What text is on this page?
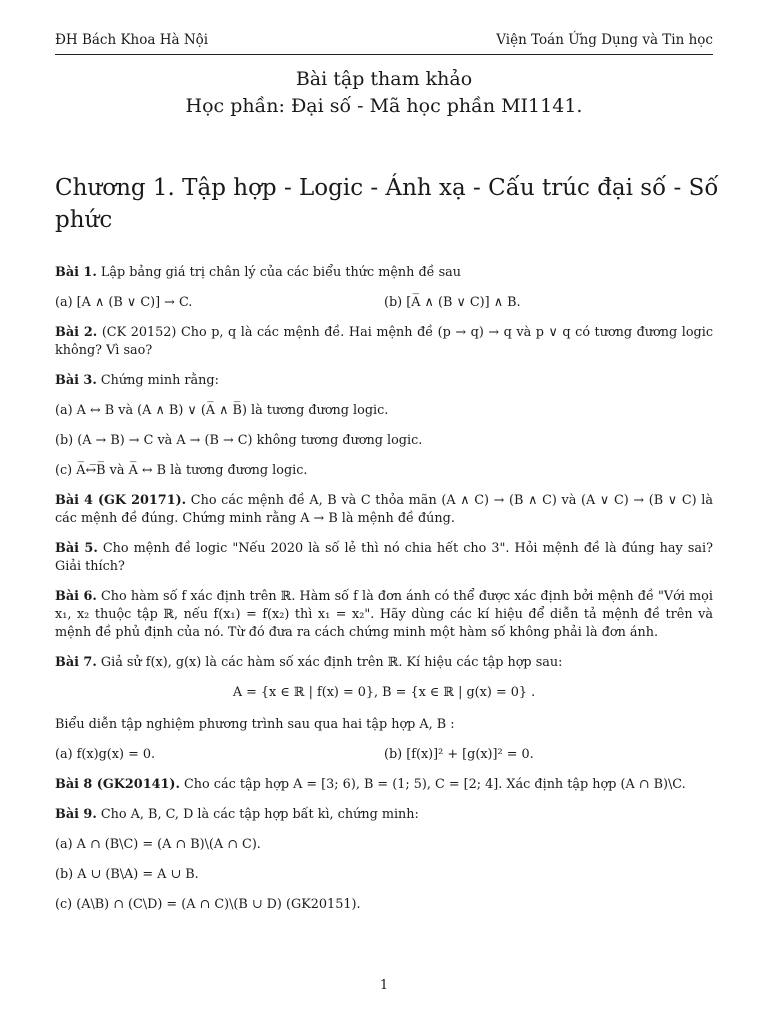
ĐH Bách Khoa Hà Nội	Viện Toán Ứng Dụng và Tin học
Bài tập tham khảo
Học phần: Đại số - Mã học phần MI1141.
Chương 1. Tập hợp - Logic - Ánh xạ - Cấu trúc đại số - Số phức

Bài 1. Lập bảng giá trị chân lý của các biểu thức mệnh đề sau

(a) [A ∧ (B ∨ C)] → C.	(b) [A̅ ∧ (B ∨ C)] ∧ B.

Bài 2. (CK 20152) Cho p, q là các mệnh đề. Hai mệnh đề (p → q) → q và p ∨ q có tương đương logic không? Vì sao?

Bài 3. Chứng minh rằng:

(a) A ↔ B và (A ∧ B) ∨ (A̅ ∧ B̅) là tương đương logic.
(b) (A → B) → C và A → (B → C) không tương đương logic.
(c) A̅↔̅B̅ và A̅ ↔ B là tương đương logic.

Bài 4 (GK 20171). Cho các mệnh đề A, B và C thỏa mãn (A ∧ C) → (B ∧ C) và (A ∨ C) → (B ∨ C) là các mệnh đề đúng. Chứng minh rằng A → B là mệnh đề đúng.

Bài 5. Cho mệnh đề logic "Nếu 2020 là số lẻ thì nó chia hết cho 3". Hỏi mệnh đề là đúng hay sai? Giải thích?

Bài 6. Cho hàm số f xác định trên ℝ. Hàm số f là đơn ánh có thể được xác định bởi mệnh đề "Với mọi x₁, x₂ thuộc tập ℝ, nếu f(x₁) = f(x₂) thì x₁ = x₂". Hãy dùng các kí hiệu để diễn tả mệnh đề trên và mệnh đề phủ định của nó. Từ đó đưa ra cách chứng minh một hàm số không phải là đơn ánh.

Bài 7. Giả sử f(x), g(x) là các hàm số xác định trên ℝ. Kí hiệu các tập hợp sau:

A = {x ∈ ℝ | f(x) = 0}, B = {x ∈ ℝ | g(x) = 0} .

Biểu diễn tập nghiệm phương trình sau qua hai tập hợp A, B :

(a) f(x)g(x) = 0.	(b) [f(x)]² + [g(x)]² = 0.

Bài 8 (GK20141). Cho các tập hợp A = [3; 6), B = (1; 5), C = [2; 4]. Xác định tập hợp (A ∩ B)\C.

Bài 9. Cho A, B, C, D là các tập hợp bất kì, chứng minh:

(a) A ∩ (B\C) = (A ∩ B)\(A ∩ C).
(b) A ∪ (B\A) = A ∪ B.
(c) (A\B) ∩ (C\D) = (A ∩ C)\(B ∪ D) (GK20151).
1
